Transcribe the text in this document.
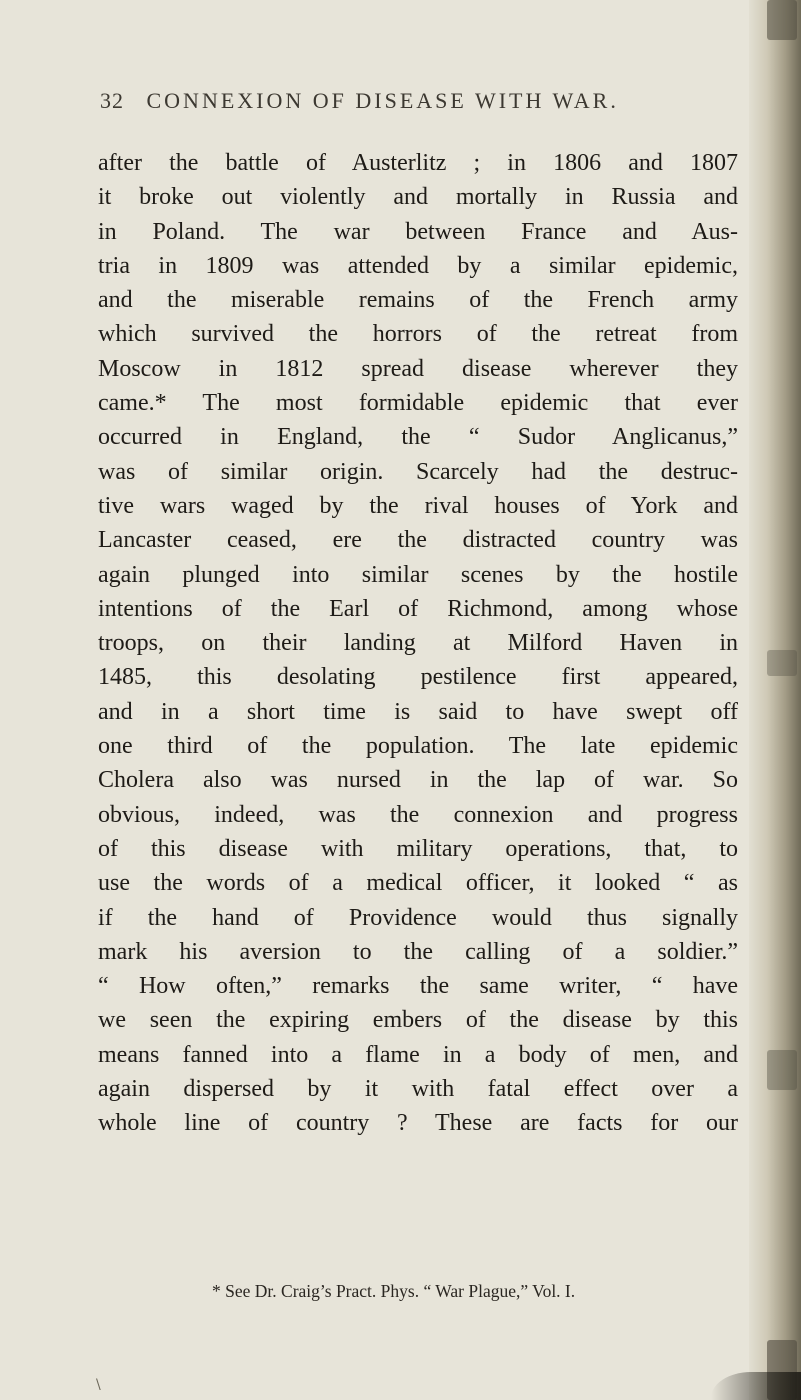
32 CONNEXION OF DISEASE WITH WAR.
after the battle of Austerlitz ; in 1806 and 1807
it broke out violently and mortally in Russia and
in Poland. The war between France and Aus-
tria in 1809 was attended by a similar epidemic,
and the miserable remains of the French army
which survived the horrors of the retreat from
Moscow in 1812 spread disease wherever they
came.* The most formidable epidemic that ever
occurred in England, the “ Sudor Anglicanus,”
was of similar origin. Scarcely had the destruc-
tive wars waged by the rival houses of York and
Lancaster ceased, ere the distracted country was
again plunged into similar scenes by the hostile
intentions of the Earl of Richmond, among whose
troops, on their landing at Milford Haven in
1485, this desolating pestilence first appeared,
and in a short time is said to have swept off
one third of the population. The late epidemic
Cholera also was nursed in the lap of war. So
obvious, indeed, was the connexion and progress
of this disease with military operations, that, to
use the words of a medical officer, it looked “ as
if the hand of Providence would thus signally
mark his aversion to the calling of a soldier.”
“ How often,” remarks the same writer, “ have
we seen the expiring embers of the disease by this
means fanned into a flame in a body of men, and
again dispersed by it with fatal effect over a
whole line of country ? These are facts for our
* See Dr. Craig’s Pract. Phys. “ War Plague,” Vol. I.
\
